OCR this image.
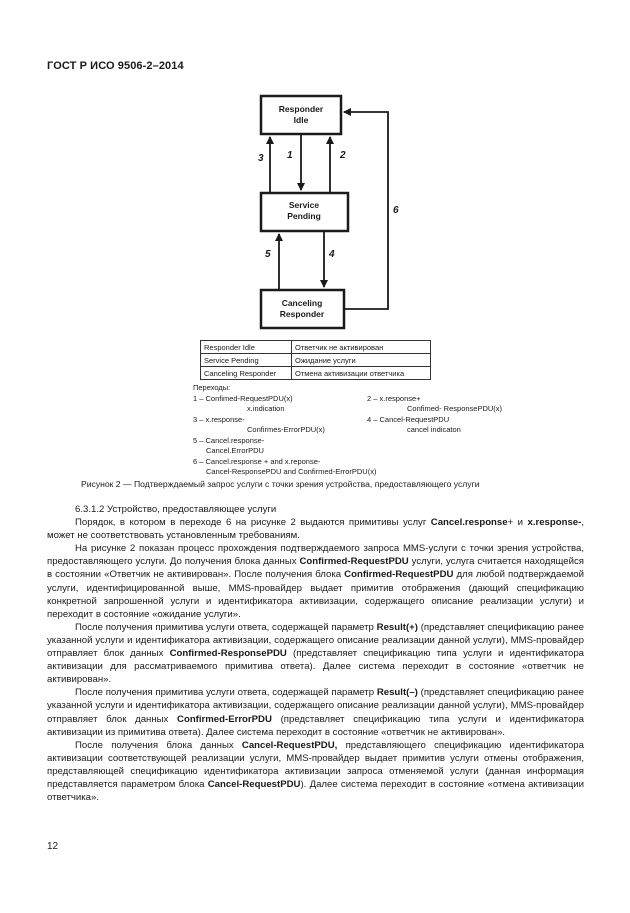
ГОСТ Р ИСО 9506-2–2014
Responder
Idle
Service
Pending
Canceling
Responder
3 1	2
5	4
6
Responder Idle	Ответчик не активирован
Service Pending	Ожидание услуги
Canceling Responder	Отмена активизации ответчика
Переходы:
1 – Confimed-RequestPDU(x)
x.indication
2 – x.response+
Confimed- ResponsePDU(x)
3 – x.response-
Confirmes-ErrorPDU(x)
4 – Cancel-RequestPDU
cancel indicaton
5 – Cancel.response-
Cancel.ErrorPDU
6 – Cancel.response + and x.reponse-
Cancel-ResponsePDU and Confirmed-ErrorPDU(x)
Рисунок 2 — Подтверждаемый запрос услуги с точки зрения устройства, предоставляющего услуги

6.3.1.2 Устройство, предоставляющее услуги

Порядок, в котором в переходе 6 на рисунке 2 выдаются примитивы услуг Cancel.response+ и x.response-, может не соответствовать установленным требованиям.

На рисунке 2 показан процесс прохождения подтверждаемого запроса MMS-услуги с точки зрения устройства, предоставляющего услуги. До получения блока данных Confirmed-RequestPDU услуги, услуга считается находящейся в состоянии «Ответчик не активирован». После получения блока Confirmed-RequestPDU для любой подтверждаемой услуги, идентифицированной выше, MMS-провайдер выдает примитив отображения (дающий спецификацию конкретной запрошенной услуги и идентификатора активизации, содержащего описание реализации услуги) и переходит в состояние «ожидание услуги».

После получения примитива услуги ответа, содержащей параметр Result(+) (представляет спецификацию ранее указанной услуги и идентификатора активизации, содержащего описание реализации данной услуги), MMS-провайдер отправляет блок данных Confirmed-ResponsePDU (представляет спецификацию типа услуги и идентификатора активизации для рассматриваемого примитива ответа). Далее система переходит в состояние «ответчик не активирован».

После получения примитива услуги ответа, содержащей параметр Result(–) (представляет спецификацию ранее указанной услуги и идентификатора активизации, содержащего описание реализации данной услуги), MMS-провайдер отправляет блок данных Confirmed-ErrorPDU (представляет спецификацию типа услуги и идентификатора активизации из примитива ответа). Далее система переходит в состояние «ответчик не активирован».

После получения блока данных Cancel-RequestPDU, представляющего спецификацию идентификатора активизации соответствующей реализации услуги, MMS-провайдер выдает примитив услуги отмены отображения, представляющей спецификацию идентификатора активизации запроса отменяемой услуги (данная информация представляется параметром блока Cancel-RequestPDU). Далее система переходит в состояние «отмена активизации ответчика».

12
